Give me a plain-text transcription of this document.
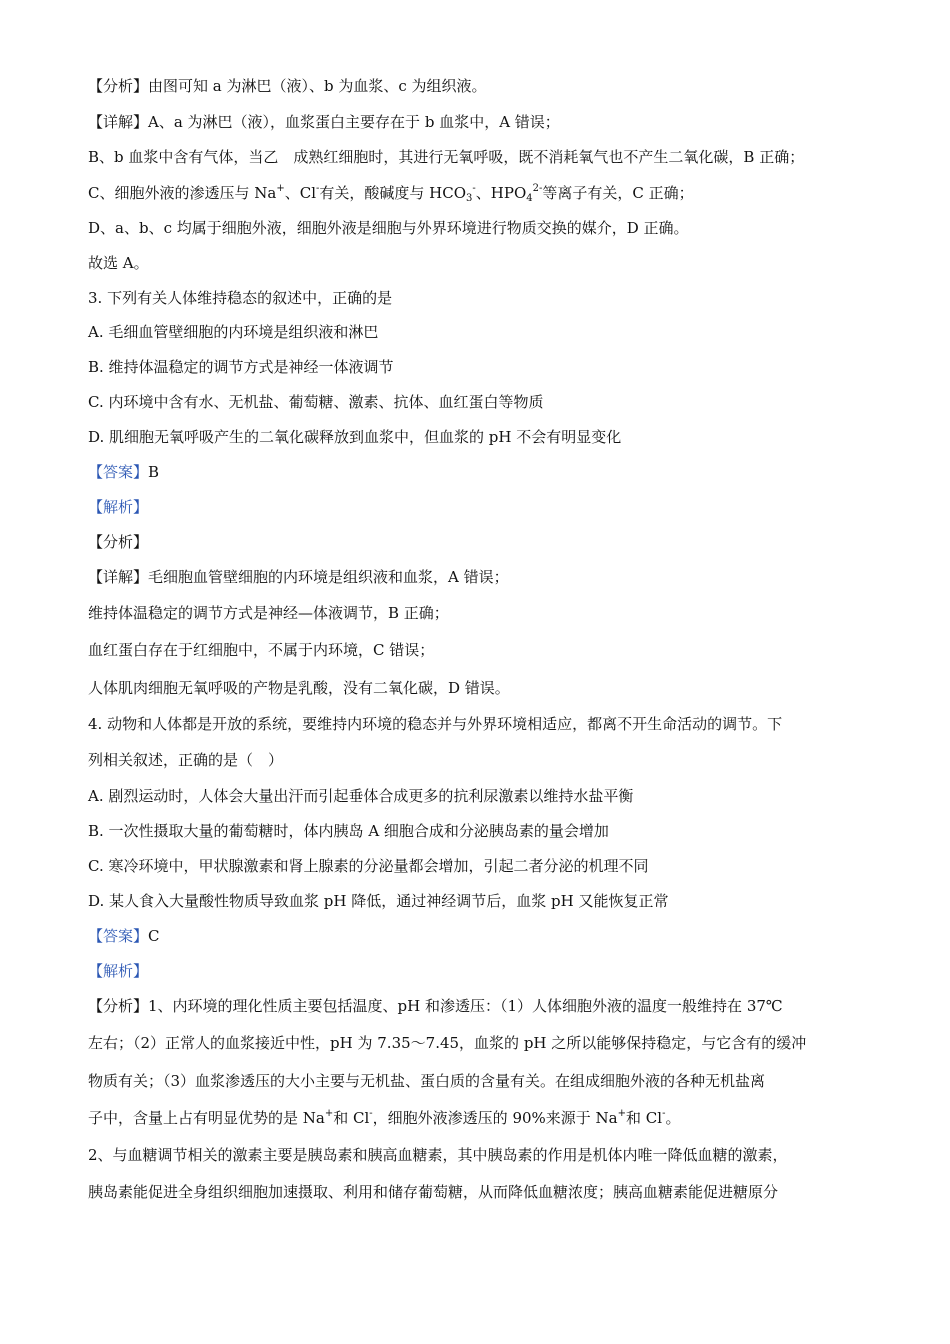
【分析】由图可知 a 为淋巴（液）、b 为血浆、c 为组织液。
【详解】A、a 为淋巴（液），血浆蛋白主要存在于 b 血浆中，A 错误；
B、b 血浆中含有气体，当乙　成熟红细胞时，其进行无氧呼吸，既不消耗氧气也不产生二氧化碳，B 正确；
C、细胞外液的渗透压与 Na+、Cl-有关，酸碱度与 $HCO_3^-$、$HPO_4^{2-}$等离子有关，C 正确；
D、a、b、c 均属于细胞外液，细胞外液是细胞与外界环境进行物质交换的媒介，D 正确。
故选 A。
3. 下列有关人体维持稳态的叙述中，正确的是
A. 毛细血管壁细胞的内环境是组织液和淋巴
B. 维持体温稳定的调节方式是神经一体液调节
C. 内环境中含有水、无机盐、葡萄糖、激素、抗体、血红蛋白等物质
D. 肌细胞无氧呼吸产生的二氧化碳释放到血浆中，但血浆的 pH 不会有明显变化
【答案】B
【解析】
【分析】
【详解】毛细胞血管壁细胞的内环境是组织液和血浆，A 错误；
维持体温稳定的调节方式是神经—体液调节，B 正确；
血红蛋白存在于红细胞中，不属于内环境，C 错误；
人体肌肉细胞无氧呼吸的产物是乳酸，没有二氧化碳，D 错误。
4. 动物和人体都是开放的系统，要维持内环境的稳态并与外界环境相适应，都离不开生命活动的调节。下
列相关叙述，正确的是（　）
A. 剧烈运动时，人体会大量出汗而引起垂体合成更多的抗利尿激素以维持水盐平衡
B. 一次性摄取大量的葡萄糖时，体内胰岛 A 细胞合成和分泌胰岛素的量会增加
C. 寒冷环境中，甲状腺激素和肾上腺素的分泌量都会增加，引起二者分泌的机理不同
D. 某人食入大量酸性物质导致血浆 pH 降低，通过神经调节后，血浆 pH 又能恢复正常
【答案】C
【解析】
【分析】1、内环境的理化性质主要包括温度、pH 和渗透压：（1）人体细胞外液的温度一般维持在 37℃
左右；（2）正常人的血浆接近中性，pH 为 7.35～7.45，血浆的 pH 之所以能够保持稳定，与它含有的缓冲
物质有关；（3）血浆渗透压的大小主要与无机盐、蛋白质的含量有关。在组成细胞外液的各种无机盐离
子中，含量上占有明显优势的是 Na+和 Cl-，细胞外液渗透压的 90%来源于 Na+和 Cl-。
2、与血糖调节相关的激素主要是胰岛素和胰高血糖素，其中胰岛素的作用是机体内唯一降低血糖的激素，
胰岛素能促进全身组织细胞加速摄取、利用和储存葡萄糖，从而降低血糖浓度；胰高血糖素能促进糖原分
